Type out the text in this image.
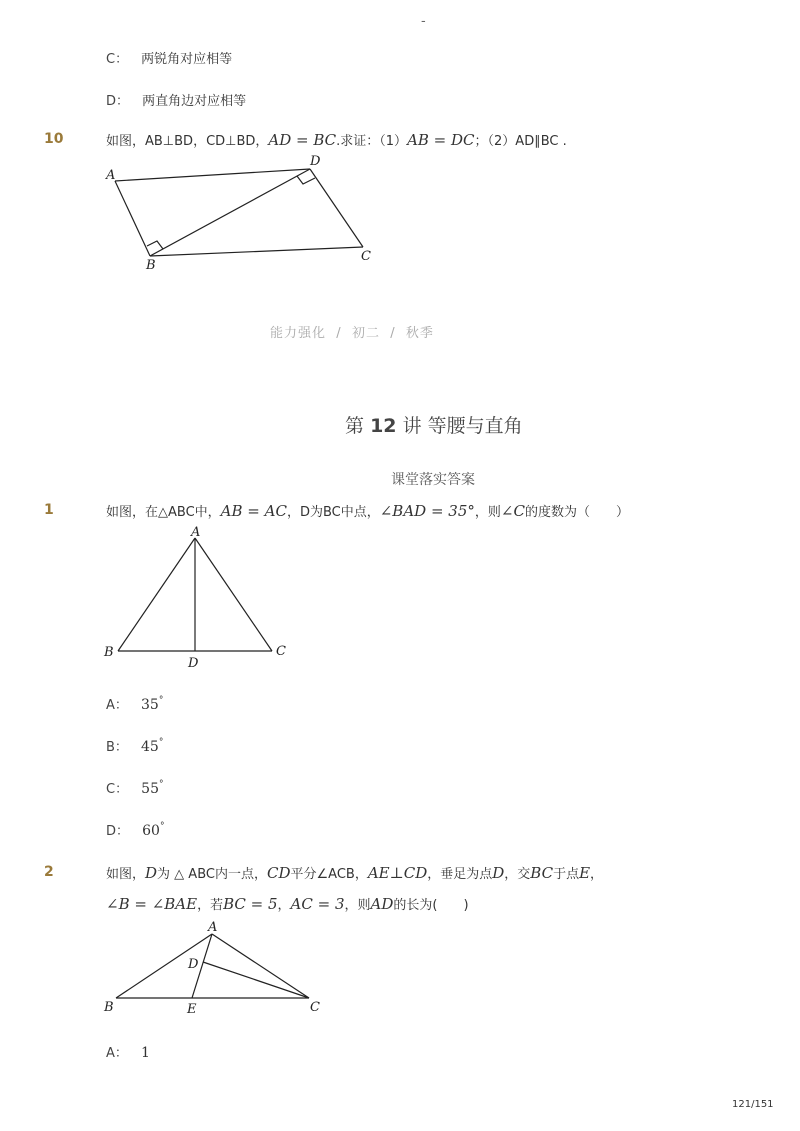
-
C： 两锐角对应相等
D： 两直角边对应相等
10	如图，AB⊥BD，CD⊥BD，AD = BC.求证：（1）AB = DC；（2）AD∥BC .
A
D
C
B
能力强化 / 初二 / 秋季
第 12 讲 等腰与直角
课堂落实答案
1	如图，在△ABC中，AB = AC，D为BC中点，∠BAD = 35°，则∠C的度数为（　　）
A
B	C
D
A： 35°
B： 45°
C： 55°
D： 60°
2	如图，D为 △ ABC内一点，CD平分∠ACB，AE⊥CD，垂足为点D，交BC于点E，
∠B = ∠BAE，若BC = 5，AC = 3，则AD的长为(　　)
A
D
B	E	C
A： 1
121/151
